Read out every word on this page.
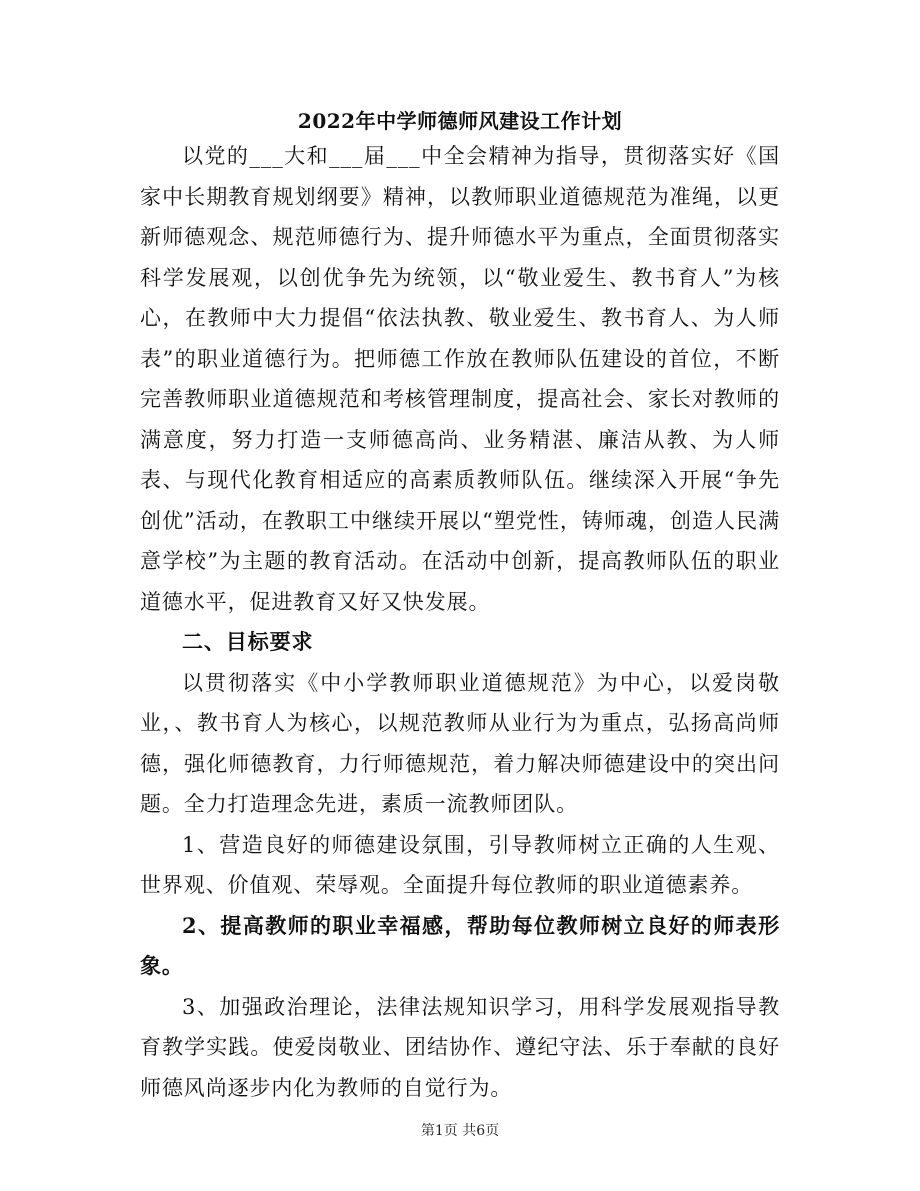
2022年中学师德师风建设工作计划

以党的___大和___届___中全会精神为指导，贯彻落实好《国家中长期教育规划纲要》精神，以教师职业道德规范为准绳，以更新师德观念、规范师德行为、提升师德水平为重点，全面贯彻落实科学发展观，以创优争先为统领，以“敬业爱生、教书育人”为核心，在教师中大力提倡“依法执教、敬业爱生、教书育人、为人师表”的职业道德行为。把师德工作放在教师队伍建设的首位，不断完善教师职业道德规范和考核管理制度，提高社会、家长对教师的满意度，努力打造一支师德高尚、业务精湛、廉洁从教、为人师表、与现代化教育相适应的高素质教师队伍。继续深入开展“争先创优”活动，在教职工中继续开展以“塑党性，铸师魂，创造人民满意学校”为主题的教育活动。在活动中创新，提高教师队伍的职业道德水平，促进教育又好又快发展。

二、目标要求

以贯彻落实《中小学教师职业道德规范》为中心，以爱岗敬业，、教书育人为核心，以规范教师从业行为为重点，弘扬高尚师德，强化师德教育，力行师德规范，着力解决师德建设中的突出问题。全力打造理念先进，素质一流教师团队。

1、营造良好的师德建设氛围，引导教师树立正确的人生观、世界观、价值观、荣辱观。全面提升每位教师的职业道德素养。

2、提高教师的职业幸福感，帮助每位教师树立良好的师表形象。

3、加强政治理论，法律法规知识学习，用科学发展观指导教育教学实践。使爱岗敬业、团结协作、遵纪守法、乐于奉献的良好师德风尚逐步内化为教师的自觉行为。

第1页 共6页
